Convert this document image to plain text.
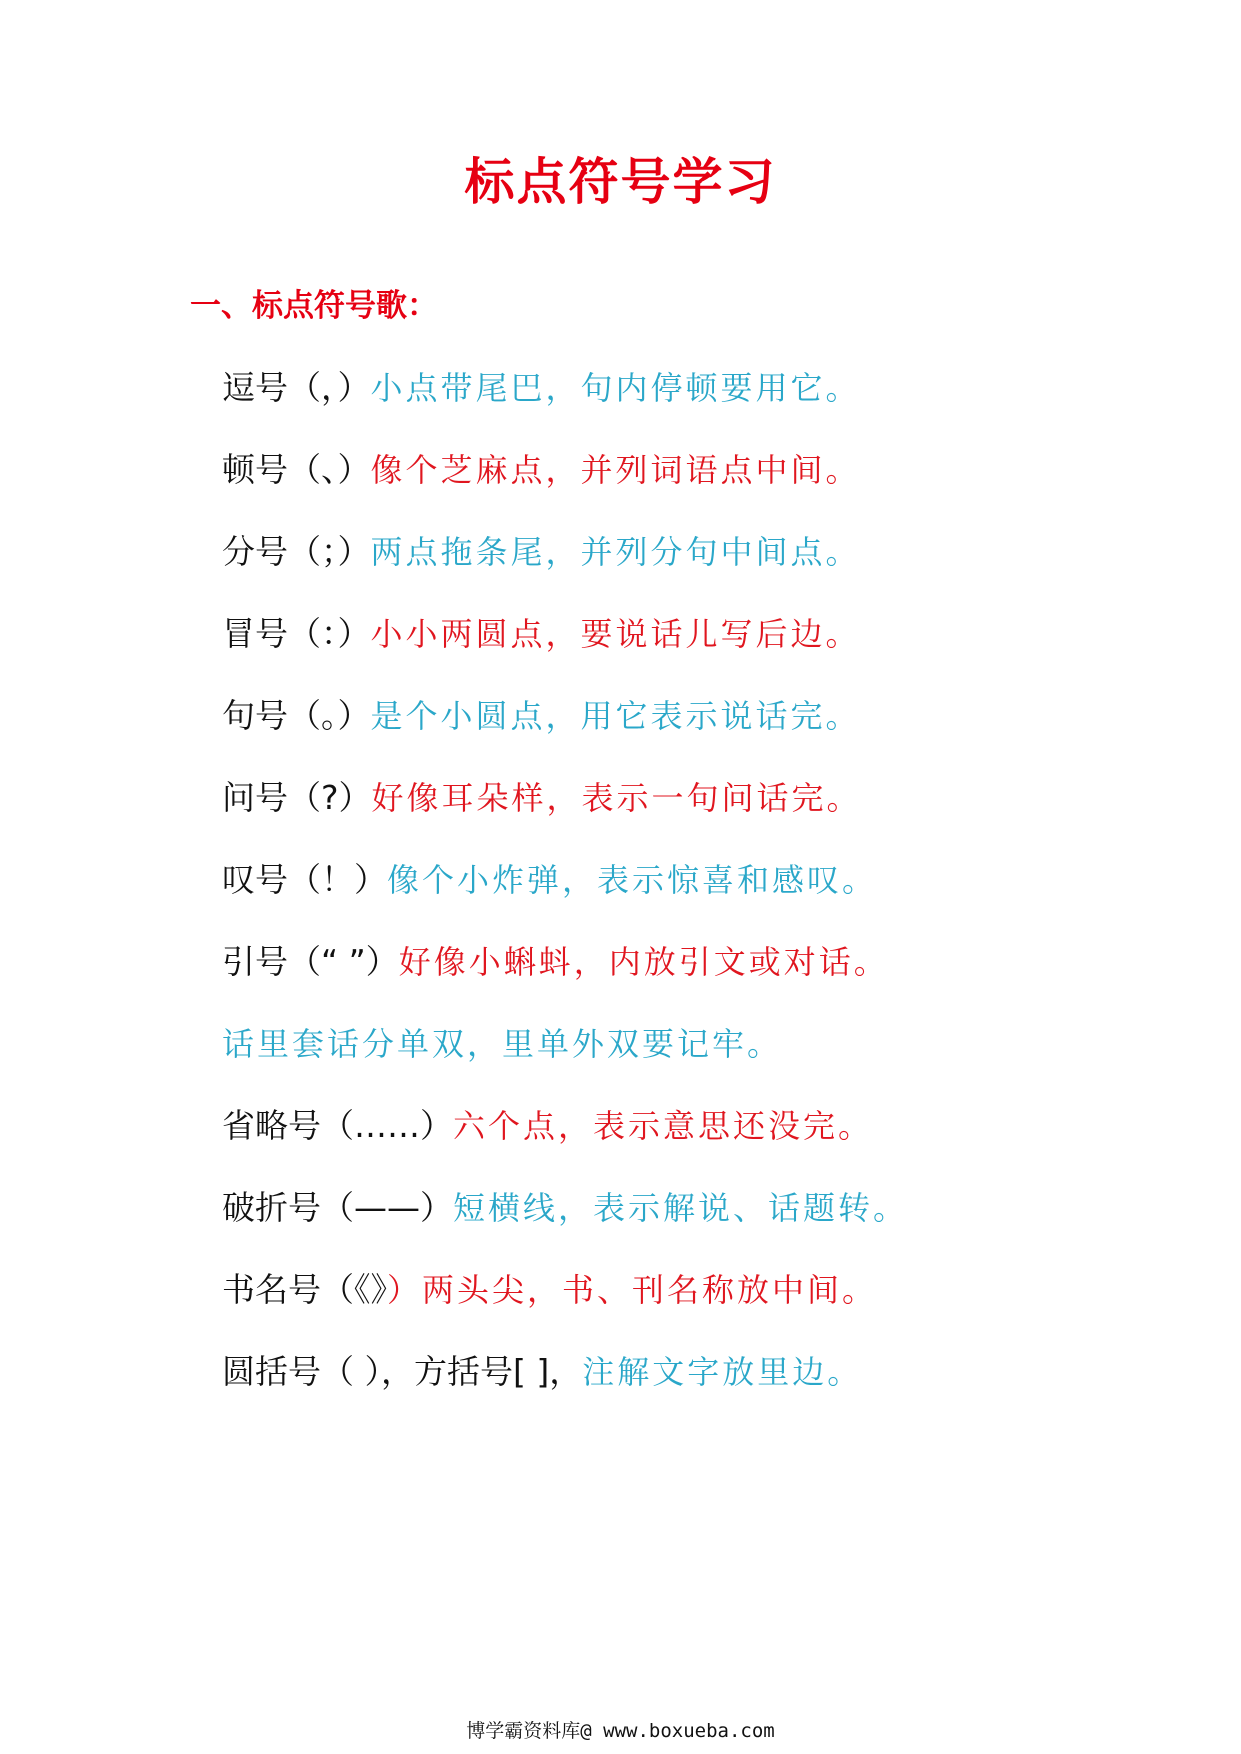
标点符号学习
一、标点符号歌：
逗号（，）小点带尾巴，句内停顿要用它。
顿号（、）像个芝麻点，并列词语点中间。
分号（；）两点拖条尾，并列分句中间点。
冒号（：）小小两圆点，要说话儿写后边。
句号（。）是个小圆点，用它表示说话完。
问号（?）好像耳朵样，表示一句问话完。
叹号（！）像个小炸弹，表示惊喜和感叹。
引号（“ ”）好像小蝌蚪，内放引文或对话。
话里套话分单双，里单外双要记牢。
省略号（……）六个点，表示意思还没完。
破折号（——）短横线，表示解说、话题转。
书名号（《》）两头尖，书、刊名称放中间。
圆括号（ ），方括号[ ]，注解文字放里边。
博学霸资料库@ www.boxueba.com
